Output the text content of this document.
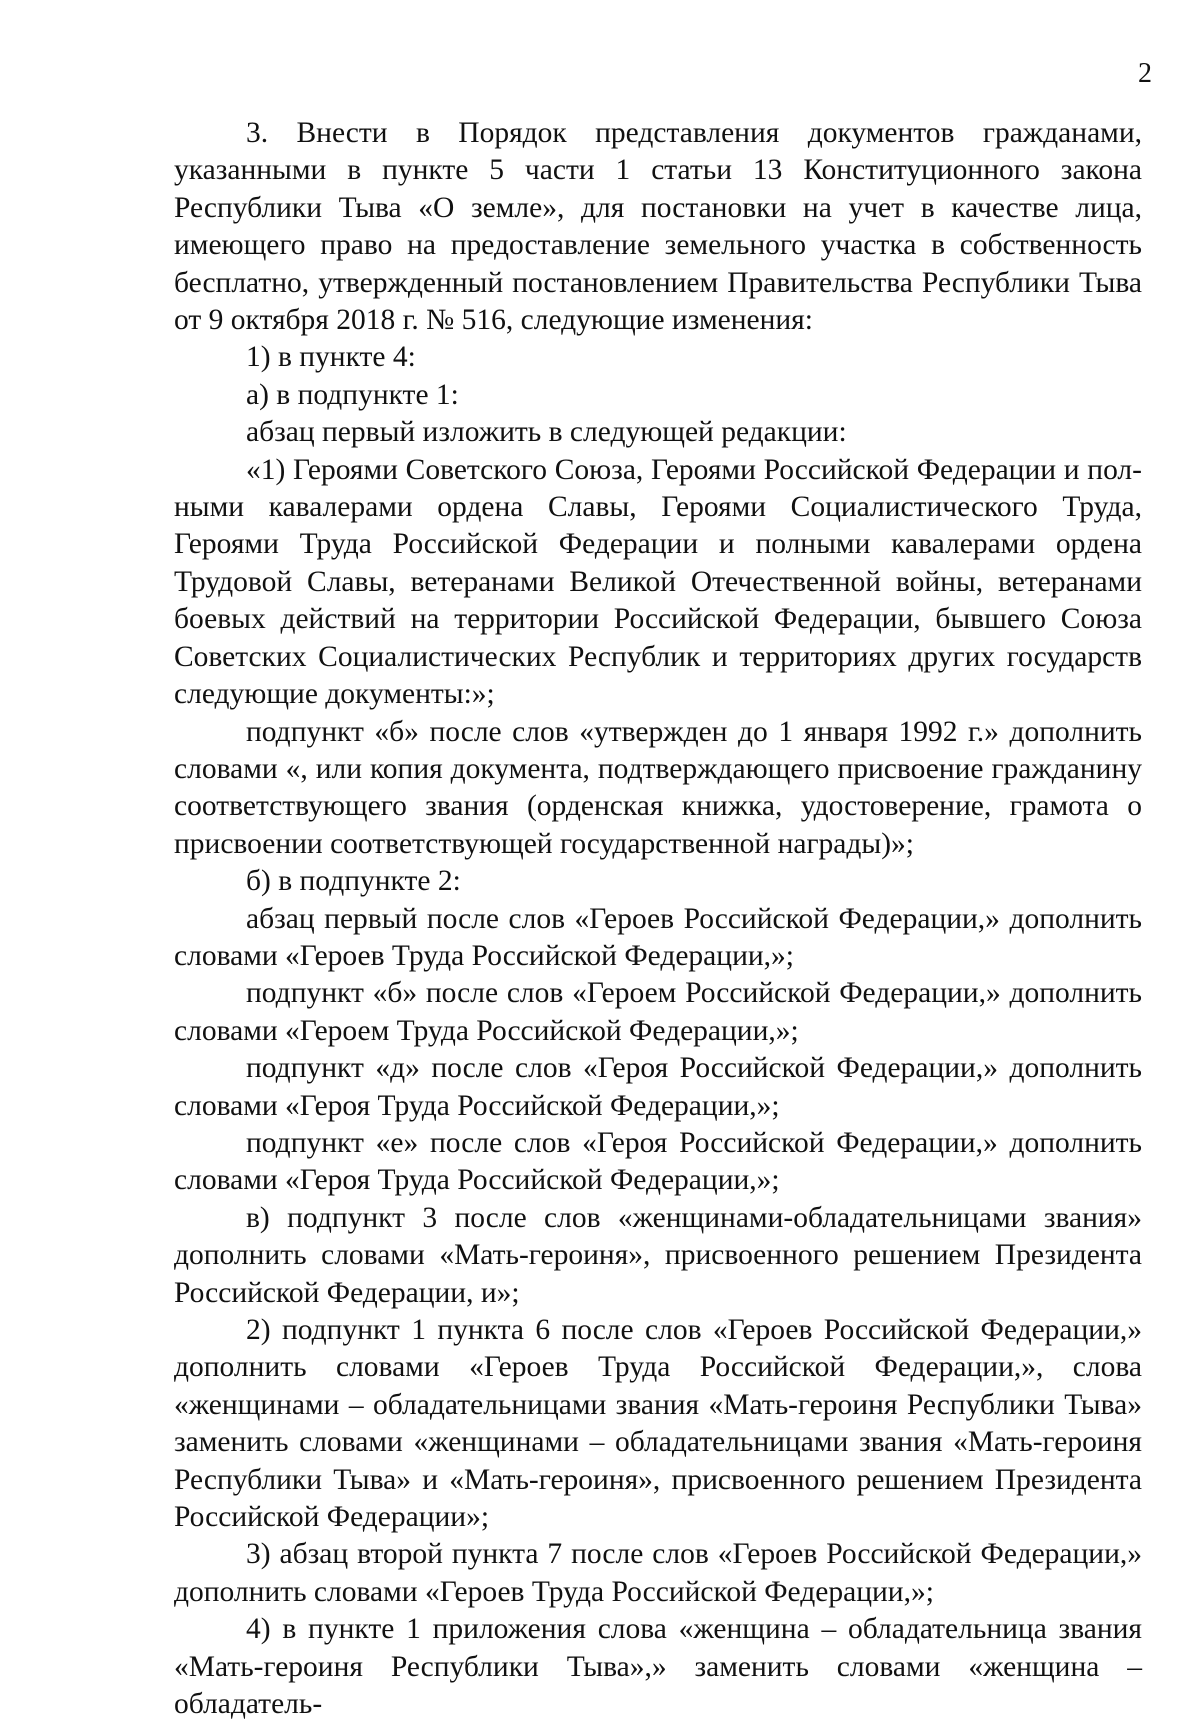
2

3. Внести в Порядок представления документов гражданами, указанными в пункте 5 части 1 статьи 13 Конституционного закона Республики Тыва «О земле», для постановки на учет в качестве лица, имеющего право на предоставление земельного участка в собственность бесплатно, утвержденный постановлением Правительства Республики Тыва от 9 октября 2018 г. № 516, следующие изменения:

1) в пункте 4:

а) в подпункте 1:

абзац первый изложить в следующей редакции:

«1) Героями Советского Союза, Героями Российской Федерации и полными кавалерами ордена Славы, Героями Социалистического Труда, Героями Труда Российской Федерации и полными кавалерами ордена Трудовой Славы, ветеранами Великой Отечественной войны, ветеранами боевых действий на территории Российской Федерации, бывшего Союза Советских Социалистических Республик и территориях других государств следующие документы:»;

подпункт «б» после слов «утвержден до 1 января 1992 г.» дополнить словами «, или копия документа, подтверждающего присвоение гражданину соответствующего звания (орденская книжка, удостоверение, грамота о присвоении соответствующей государственной награды)»;

б) в подпункте 2:

абзац первый после слов «Героев Российской Федерации,» дополнить словами «Героев Труда Российской Федерации,»;

подпункт «б» после слов «Героем Российской Федерации,» дополнить словами «Героем Труда Российской Федерации,»;

подпункт «д» после слов «Героя Российской Федерации,» дополнить словами «Героя Труда Российской Федерации,»;

подпункт «е» после слов «Героя Российской Федерации,» дополнить словами «Героя Труда Российской Федерации,»;

в) подпункт 3 после слов «женщинами-обладательницами звания» дополнить словами «Мать-героиня», присвоенного решением Президента Российской Федерации, и»;

2) подпункт 1 пункта 6 после слов «Героев Российской Федерации,» дополнить словами «Героев Труда Российской Федерации,», слова «женщинами – обладательницами звания «Мать-героиня Республики Тыва» заменить словами «женщинами – обладательницами звания «Мать-героиня Республики Тыва» и «Мать-героиня», присвоенного решением Президента Российской Федерации»;

3) абзац второй пункта 7 после слов «Героев Российской Федерации,» дополнить словами «Героев Труда Российской Федерации,»;

4) в пункте 1 приложения слова «женщина – обладательница звания «Мать-героиня Республики Тыва»,» заменить словами «женщина – обладатель-
